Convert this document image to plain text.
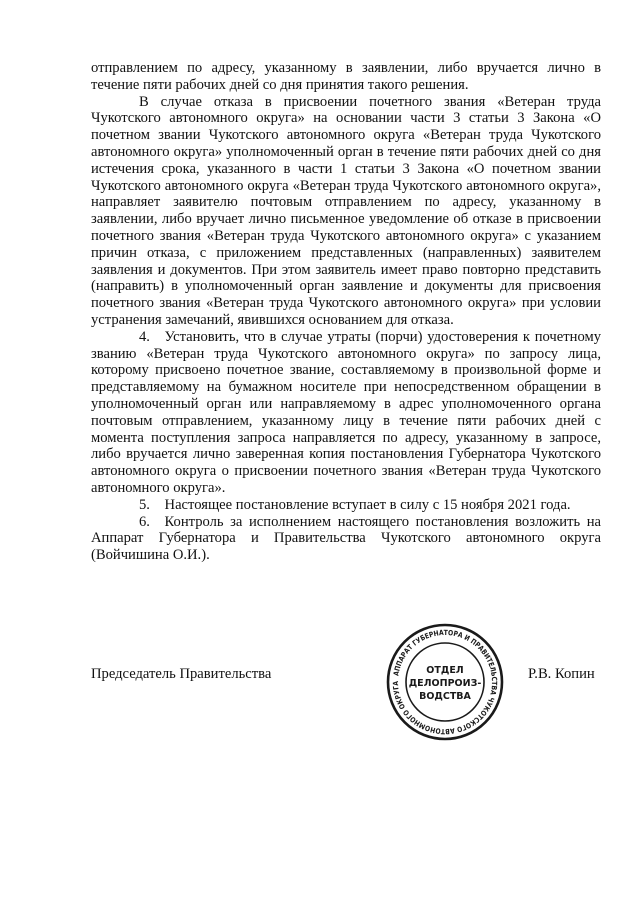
отправлением по адресу, указанному в заявлении, либо вручается лично в течение пяти рабочих дней со дня принятия такого решения.

В случае отказа в присвоении почетного звания «Ветеран труда Чукотского автономного округа» на основании части 3 статьи 3 Закона «О почетном звании Чукотского автономного округа «Ветеран труда Чукотского автономного округа» уполномоченный орган в течение пяти рабочих дней со дня истечения срока, указанного в части 1 статьи 3 Закона «О почетном звании Чукотского автономного округа «Ветеран труда Чукотского автономного округа», направляет заявителю почтовым отправлением по адресу, указанному в заявлении, либо вручает лично письменное уведомление об отказе в присвоении почетного звания «Ветеран труда Чукотского автономного округа» с указанием причин отказа, с приложением представленных (направленных) заявителем заявления и документов. При этом заявитель имеет право повторно представить (направить) в уполномоченный орган заявление и документы для присвоения почетного звания «Ветеран труда Чукотского автономного округа» при условии устранения замечаний, явившихся основанием для отказа.

4. Установить, что в случае утраты (порчи) удостоверения к почетному званию «Ветеран труда Чукотского автономного округа» по запросу лица, которому присвоено почетное звание, составляемому в произвольной форме и представляемому на бумажном носителе при непосредственном обращении в уполномоченный орган или направляемому в адрес уполномоченного органа почтовым отправлением, указанному лицу в течение пяти рабочих дней с момента поступления запроса направляется по адресу, указанному в запросе, либо вручается лично заверенная копия постановления Губернатора Чукотского автономного округа о присвоении почетного звания «Ветеран труда Чукотского автономного округа».

5. Настоящее постановление вступает в силу с 15 ноября 2021 года.

6. Контроль за исполнением настоящего постановления возложить на Аппарат Губернатора и Правительства Чукотского автономного округа (Войчишина О.И.).

Председатель Правительства	Р.В. Копин
АППАРАТ ГУБЕРНАТОРА И ПРАВИТЕЛЬСТВА ЧУКОТСКОГО АВТОНОМНОГО ОКРУГА
ОТДЕЛ
ДЕЛОПРОИЗ-
ВОДСТВА
